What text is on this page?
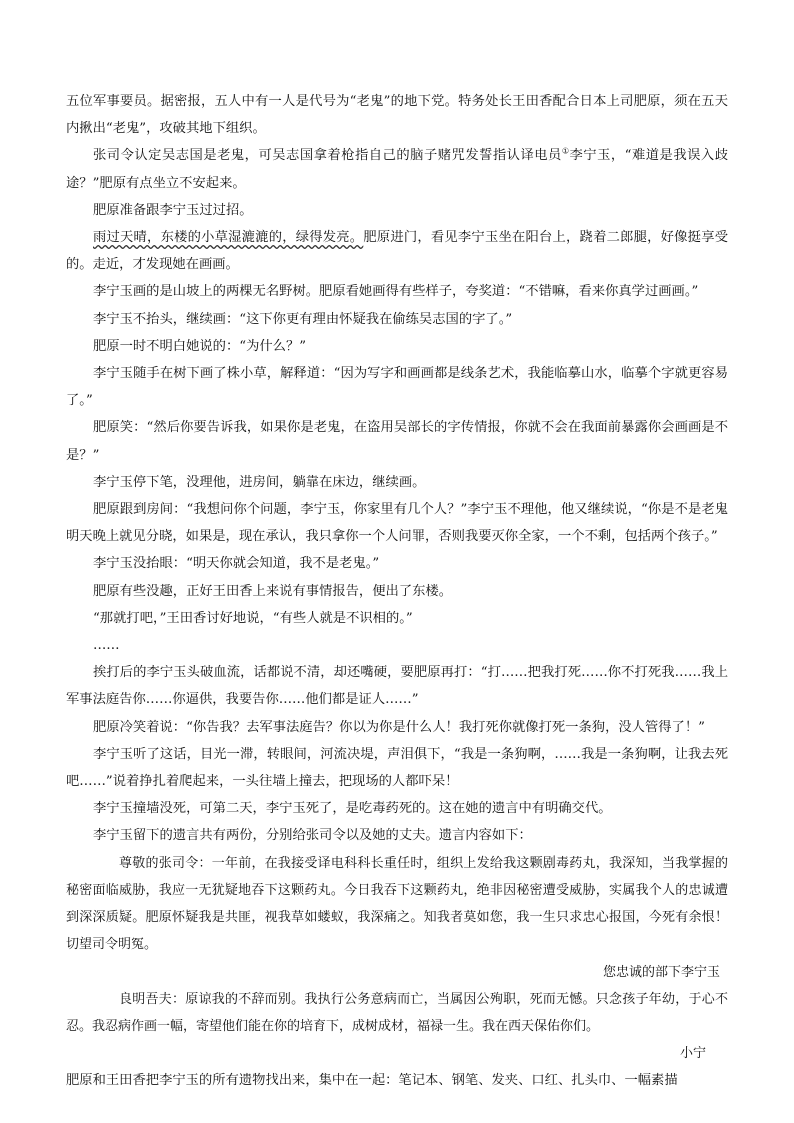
五位军事要员。据密报，五人中有一人是代号为“老鬼”的地下党。特务处长王田香配合日本上司肥原，须在五天内揪出“老鬼”，攻破其地下组织。

张司令认定吴志国是老鬼，可吴志国拿着枪指自己的脑子赌咒发誓指认译电员①李宁玉，“难道是我误入歧途？”肥原有点坐立不安起来。

肥原准备跟李宁玉过过招。

雨过天晴，东楼的小草湿漉漉的，绿得发亮。肥原进门，看见李宁玉坐在阳台上，跷着二郎腿，好像挺享受的。走近，才发现她在画画。

李宁玉画的是山坡上的两棵无名野树。肥原看她画得有些样子，夸奖道：“不错嘛，看来你真学过画画。”

李宁玉不抬头，继续画：“这下你更有理由怀疑我在偷练吴志国的字了。”

肥原一时不明白她说的：“为什么？”

李宁玉随手在树下画了株小草，解释道：“因为写字和画画都是线条艺术，我能临摹山水，临摹个字就更容易了。”

肥原笑：“然后你要告诉我，如果你是老鬼，在盗用吴部长的字传情报，你就不会在我面前暴露你会画画是不是？”

李宁玉停下笔，没理他，进房间，躺靠在床边，继续画。

肥原跟到房间：“我想问你个问题，李宁玉，你家里有几个人？”李宁玉不理他，他又继续说，“你是不是老鬼明天晚上就见分晓，如果是，现在承认，我只拿你一个人问罪，否则我要灭你全家，一个不剩，包括两个孩子。”

李宁玉没抬眼：“明天你就会知道，我不是老鬼。”

肥原有些没趣，正好王田香上来说有事情报告，便出了东楼。

“那就打吧，”王田香讨好地说，“有些人就是不识相的。”

……

挨打后的李宁玉头破血流，话都说不清，却还嘴硬，要肥原再打：“打……把我打死……你不打死我……我上军事法庭告你……你逼供，我要告你……他们都是证人……”

肥原冷笑着说：“你告我？去军事法庭告？你以为你是什么人！我打死你就像打死一条狗，没人管得了！”

李宁玉听了这话，目光一滞，转眼间，河流决堤，声泪俱下，“我是一条狗啊，……我是一条狗啊，让我去死吧……”说着挣扎着爬起来，一头往墙上撞去，把现场的人都吓呆！

李宁玉撞墙没死，可第二天，李宁玉死了，是吃毒药死的。这在她的遗言中有明确交代。

李宁玉留下的遗言共有两份，分别给张司令以及她的丈夫。遗言内容如下：

尊敬的张司令：一年前，在我接受译电科科长重任时，组织上发给我这颗剧毒药丸，我深知，当我掌握的秘密面临威胁，我应一无犹疑地吞下这颗药丸。今日我吞下这颗药丸，绝非因秘密遭受威胁，实属我个人的忠诚遭到深深质疑。肥原怀疑我是共匪，视我草如蝼蚁，我深痛之。知我者莫如您，我一生只求忠心报国，今死有余恨！切望司令明冤。

您忠诚的部下李宁玉

良明吾夫：原谅我的不辞而别。我执行公务意病而亡，当属因公殉职，死而无憾。只念孩子年幼，于心不忍。我忍病作画一幅，寄望他们能在你的培育下，成树成材，福禄一生。我在西天保佑你们。

小宁

肥原和王田香把李宁玉的所有遗物找出来，集中在一起：笔记本、钢笔、发夹、口红、扎头巾、一幅素描
